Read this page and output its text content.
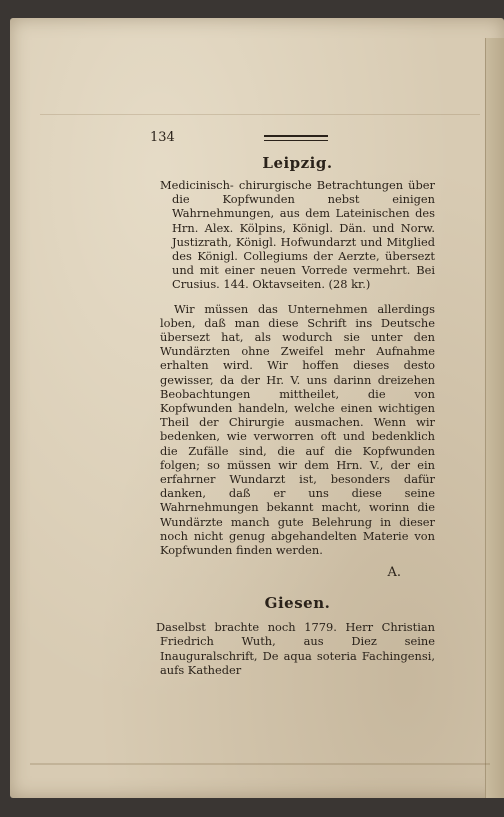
134
Leipzig.

Medicinisch- chirurgische Betrachtungen über die Kopfwunden nebst einigen Wahrnehmungen, aus dem Lateinischen des Hrn. Alex. Kölpins, Königl. Dän. und Norw. Justizrath, Königl. Hofwundarzt und Mitglied des Königl. Collegiums der Aerzte, übersezt und mit einer neuen Vorrede vermehrt. Bei Crusius. 144. Oktavseiten. (28 kr.)

Wir müssen das Unternehmen allerdings loben, daß man diese Schrift ins Deutsche übersezt hat, als wodurch sie unter den Wundärzten ohne Zweifel mehr Aufnahme erhalten wird. Wir hoffen dieses desto gewisser, da der Hr. V. uns darinn dreizehen Beobachtungen mittheilet, die von Kopfwunden handeln, welche einen wichtigen Theil der Chirurgie ausmachen. Wenn wir bedenken, wie verworren oft und bedenklich die Zufälle sind, die auf die Kopfwunden folgen; so müssen wir dem Hrn. V., der ein erfahrner Wundarzt ist, besonders dafür danken, daß er uns diese seine Wahrnehmungen bekannt macht, worinn die Wundärzte manch gute Belehrung in dieser noch nicht genug abgehandelten Materie von Kopfwunden finden werden.

A.
Giesen.

Daselbst brachte noch 1779. Herr Christian Friedrich Wuth, aus Diez seine Inauguralschrift, De aqua soteria Fachingensi, aufs Katheder
